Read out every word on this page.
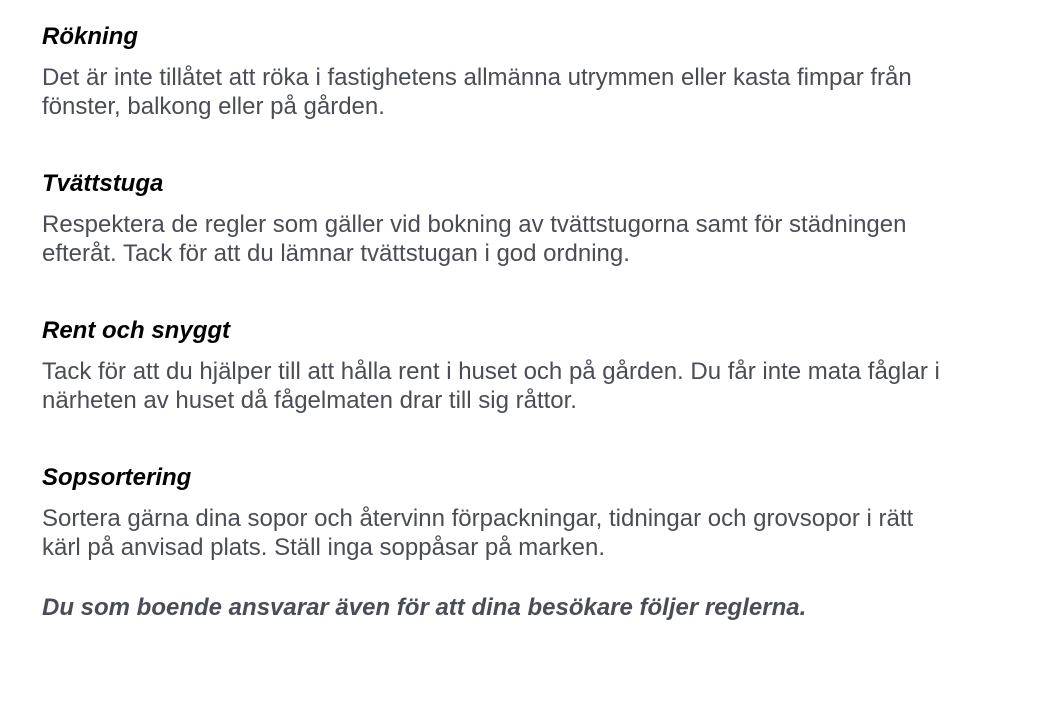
Rökning

Det är inte tillåtet att röka i fastighetens allmänna utrymmen eller kasta fimpar från
fönster, balkong eller på gården.

Tvättstuga

Respektera de regler som gäller vid bokning av tvättstugorna samt för städningen
efteråt. Tack för att du lämnar tvättstugan i god ordning.

Rent och snyggt

Tack för att du hjälper till att hålla rent i huset och på gården. Du får inte mata fåglar i
närheten av huset då fågelmaten drar till sig råttor.

Sopsortering

Sortera gärna dina sopor och återvinn förpackningar, tidningar och grovsopor i rätt
kärl på anvisad plats. Ställ inga soppåsar på marken.

Du som boende ansvarar även för att dina besökare följer reglerna.
